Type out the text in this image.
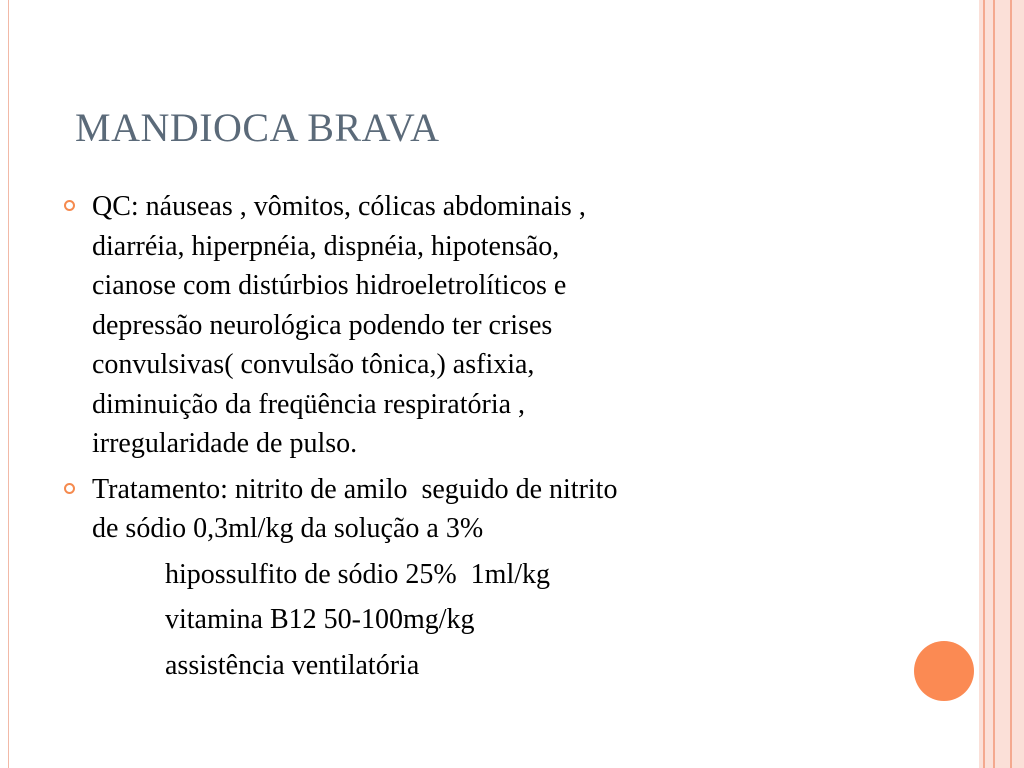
MANDIOCA BRAVA

QC: náuseas , vômitos, cólicas abdominais ,
diarréia, hiperpnéia, dispnéia, hipotensão,
cianose com distúrbios hidroeletrolíticos e
depressão neurológica podendo ter crises
convulsivas( convulsão tônica,) asfixia,
diminuição da freqüência respiratória ,
irregularidade de pulso.

Tratamento: nitrito de amilo  seguido de nitrito
de sódio 0,3ml/kg da solução a 3%

hipossulfito de sódio 25%  1ml/kg
vitamina B12 50-100mg/kg
assistência ventilatória
